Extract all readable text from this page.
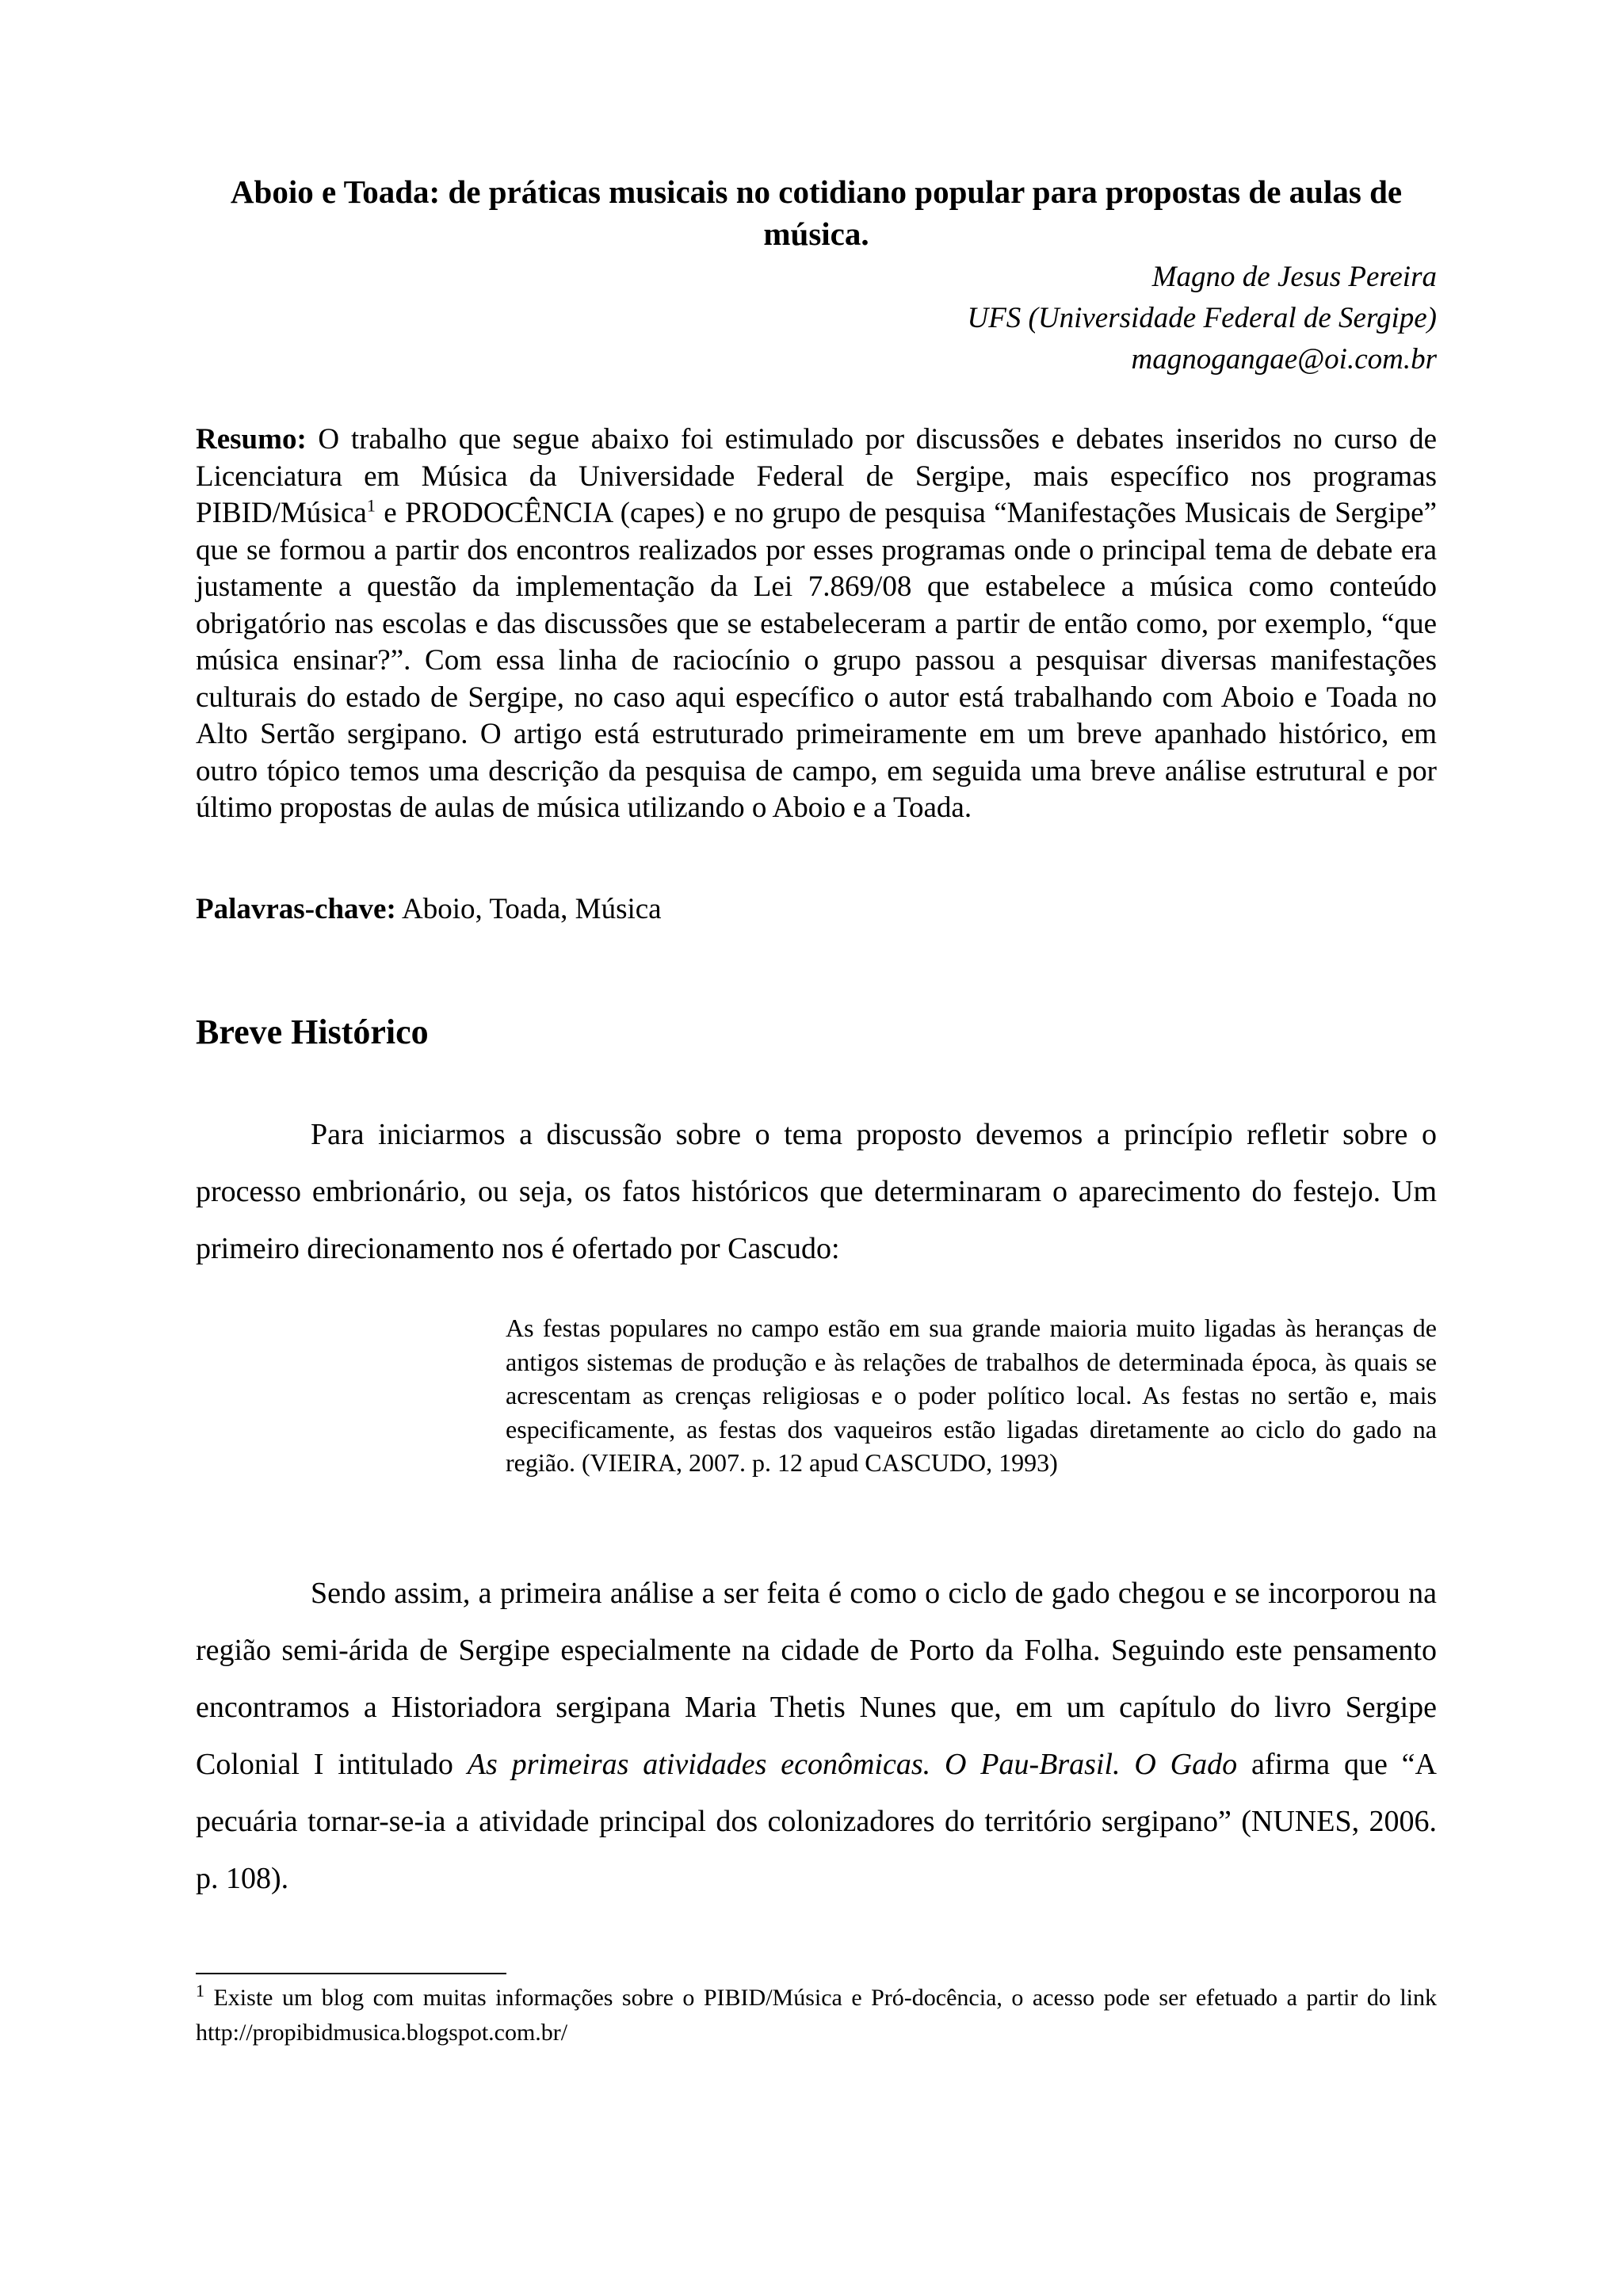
Aboio e Toada: de práticas musicais no cotidiano popular para propostas de aulas de música.
Magno de Jesus Pereira
UFS (Universidade Federal de Sergipe)
magnogangae@oi.com.br

Resumo: O trabalho que segue abaixo foi estimulado por discussões e debates inseridos no curso de Licenciatura em Música da Universidade Federal de Sergipe, mais específico nos programas PIBID/Música$^1$ e PRODOCÊNCIA (capes) e no grupo de pesquisa “Manifestações Musicais de Sergipe” que se formou a partir dos encontros realizados por esses programas onde o principal tema de debate era justamente a questão da implementação da Lei 7.869/08 que estabelece a música como conteúdo obrigatório nas escolas e das discussões que se estabeleceram a partir de então como, por exemplo, “que música ensinar?”. Com essa linha de raciocínio o grupo passou a pesquisar diversas manifestações culturais do estado de Sergipe, no caso aqui específico o autor está trabalhando com Aboio e Toada no Alto Sertão sergipano. O artigo está estruturado primeiramente em um breve apanhado histórico, em outro tópico temos uma descrição da pesquisa de campo, em seguida uma breve análise estrutural e por último propostas de aulas de música utilizando o Aboio e a Toada.

Palavras-chave: Aboio, Toada, Música

Breve Histórico

Para iniciarmos a discussão sobre o tema proposto devemos a princípio refletir sobre o processo embrionário, ou seja, os fatos históricos que determinaram o aparecimento do festejo. Um primeiro direcionamento nos é ofertado por Cascudo:

As festas populares no campo estão em sua grande maioria muito ligadas às heranças de antigos sistemas de produção e às relações de trabalhos de determinada época, às quais se acrescentam as crenças religiosas e o poder político local. As festas no sertão e, mais especificamente, as festas dos vaqueiros estão ligadas diretamente ao ciclo do gado na região. (VIEIRA, 2007. p. 12 apud CASCUDO, 1993)

Sendo assim, a primeira análise a ser feita é como o ciclo de gado chegou e se incorporou na região semi-árida de Sergipe especialmente na cidade de Porto da Folha. Seguindo este pensamento encontramos a Historiadora sergipana Maria Thetis Nunes que, em um capítulo do livro Sergipe Colonial I intitulado As primeiras atividades econômicas. O Pau-Brasil. O Gado afirma que “A pecuária tornar-se-ia a atividade principal dos colonizadores do território sergipano” (NUNES, 2006. p. 108).

$^1$ Existe um blog com muitas informações sobre o PIBID/Música e Pró-docência, o acesso pode ser efetuado a partir do link http://propibidmusica.blogspot.com.br/
